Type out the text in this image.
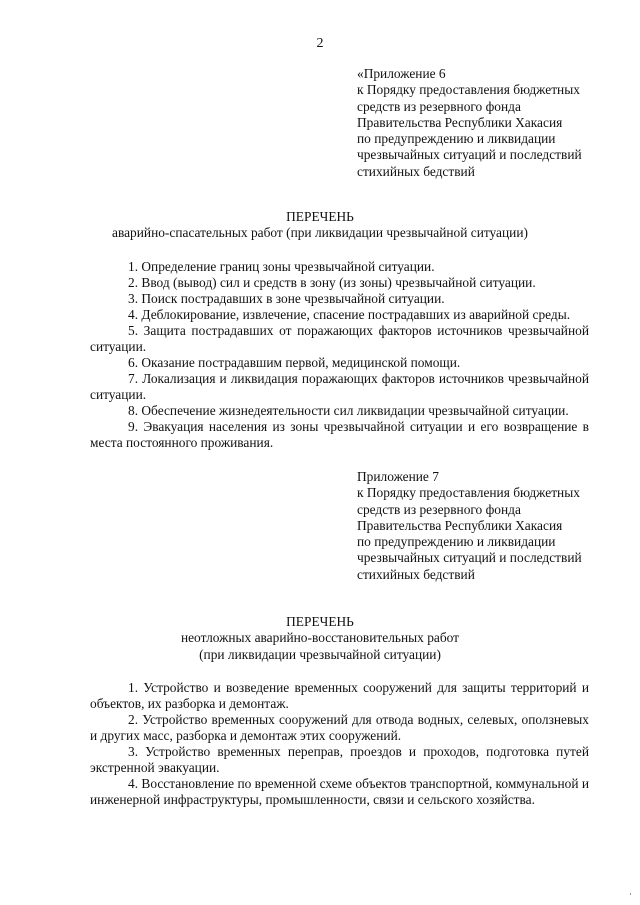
2
«Приложение 6
к Порядку предоставления бюджетных
средств из резервного фонда
Правительства Республики Хакасия
по предупреждению и ликвидации
чрезвычайных ситуаций и последствий
стихийных бедствий
ПЕРЕЧЕНЬ
аварийно-спасательных работ (при ликвидации чрезвычайной ситуации)
1. Определение границ зоны чрезвычайной ситуации.
2. Ввод (вывод) сил и средств в зону (из зоны) чрезвычайной ситуации.
3. Поиск пострадавших в зоне чрезвычайной ситуации.
4. Деблокирование, извлечение, спасение пострадавших из аварийной среды.
5. Защита пострадавших от поражающих факторов источников чрезвычайной ситуации.
6. Оказание пострадавшим первой, медицинской помощи.
7. Локализация и ликвидация поражающих факторов источников чрезвычайной ситуации.
8. Обеспечение жизнедеятельности сил ликвидации чрезвычайной ситуации.
9. Эвакуация населения из зоны чрезвычайной ситуации и его возвращение в места постоянного проживания.
Приложение 7
к Порядку предоставления бюджетных
средств из резервного фонда
Правительства Республики Хакасия
по предупреждению и ликвидации
чрезвычайных ситуаций и последствий
стихийных бедствий
ПЕРЕЧЕНЬ
неотложных аварийно-восстановительных работ
(при ликвидации чрезвычайной ситуации)
1. Устройство и возведение временных сооружений для защиты территорий и объектов, их разборка и демонтаж.
2. Устройство временных сооружений для отвода водных, селевых, оползневых и других масс, разборка и демонтаж этих сооружений.
3. Устройство временных переправ, проездов и проходов, подготовка путей экстренной эвакуации.
4. Восстановление по временной схеме объектов транспортной, коммунальной и инженерной инфраструктуры, промышленности, связи и сельского хозяйства.
